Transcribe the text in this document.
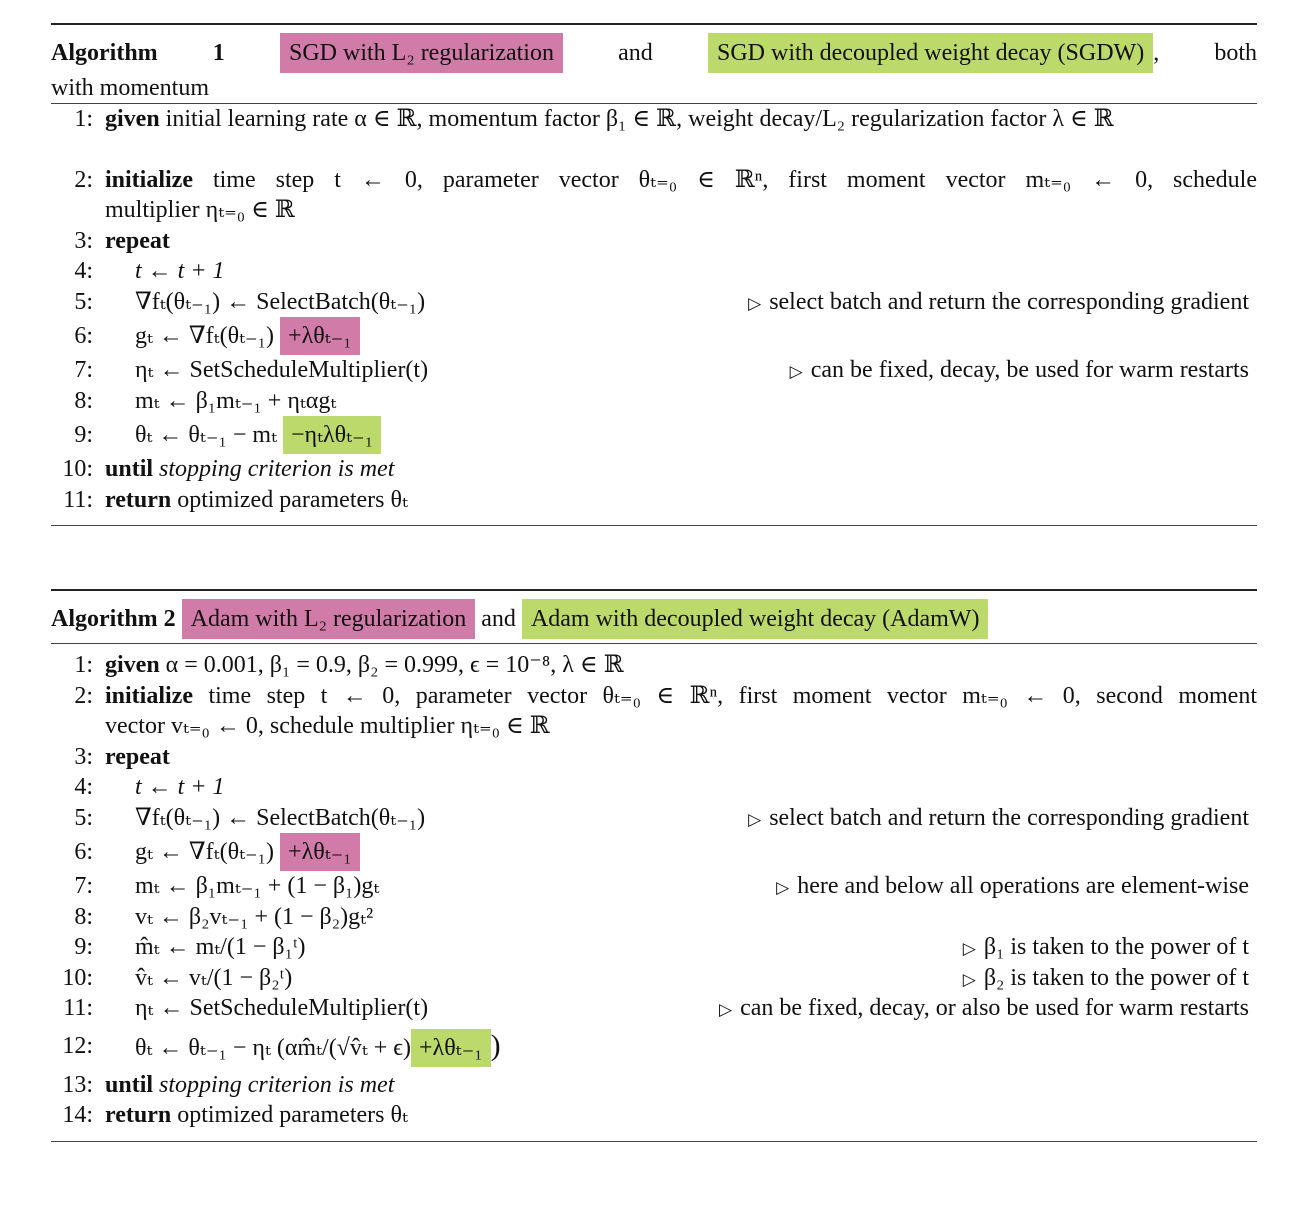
Algorithm 1	SGD with L₂ regularization	and	SGD with decoupled weight decay (SGDW) , both
with momentum
1: given initial learning rate α ∈ ℝ, momentum factor β₁ ∈ ℝ, weight decay/L₂ regularization factor λ ∈ ℝ
2: initialize time step t ← 0, parameter vector θₜ₌₀ ∈ ℝⁿ, first moment vector mₜ₌₀ ← 0, schedule
multiplier ηₜ₌₀ ∈ ℝ
3: repeat
4: t ← t + 1
5: ∇fₜ(θₜ₋₁) ← SelectBatch(θₜ₋₁)	▷ select batch and return the corresponding gradient
6: gₜ ← ∇fₜ(θₜ₋₁) +λθₜ₋₁
7: ηₜ ← SetScheduleMultiplier(t)	▷ can be fixed, decay, be used for warm restarts
8: mₜ ← β₁mₜ₋₁ + ηₜαgₜ
9: θₜ ← θₜ₋₁ − mₜ −ηₜλθₜ₋₁
10: until stopping criterion is met
11: return optimized parameters θₜ
Algorithm 2 Adam with L₂ regularization and Adam with decoupled weight decay (AdamW)
1: given α = 0.001, β₁ = 0.9, β₂ = 0.999, ϵ = 10⁻⁸, λ ∈ ℝ
2: initialize time step t ← 0, parameter vector θₜ₌₀ ∈ ℝⁿ, first moment vector mₜ₌₀ ← 0, second moment
vector vₜ₌₀ ← 0, schedule multiplier ηₜ₌₀ ∈ ℝ
3: repeat
4: t ← t + 1
5: ∇fₜ(θₜ₋₁) ← SelectBatch(θₜ₋₁)	▷ select batch and return the corresponding gradient
6: gₜ ← ∇fₜ(θₜ₋₁) +λθₜ₋₁
7: mₜ ← β₁mₜ₋₁ + (1 − β₁)gₜ	▷ here and below all operations are element-wise
8: vₜ ← β₂vₜ₋₁ + (1 − β₂)gₜ²
9: m̂ₜ ← mₜ/(1 − β₁ᵗ)	▷ β₁ is taken to the power of t
10: v̂ₜ ← vₜ/(1 − β₂ᵗ)	▷ β₂ is taken to the power of t
11: ηₜ ← SetScheduleMultiplier(t)	▷ can be fixed, decay, or also be used for warm restarts
12: θₜ ← θₜ₋₁ − ηₜ (αm̂ₜ/(√v̂ₜ + ϵ) +λθₜ₋₁ )
13: until stopping criterion is met
14: return optimized parameters θₜ
